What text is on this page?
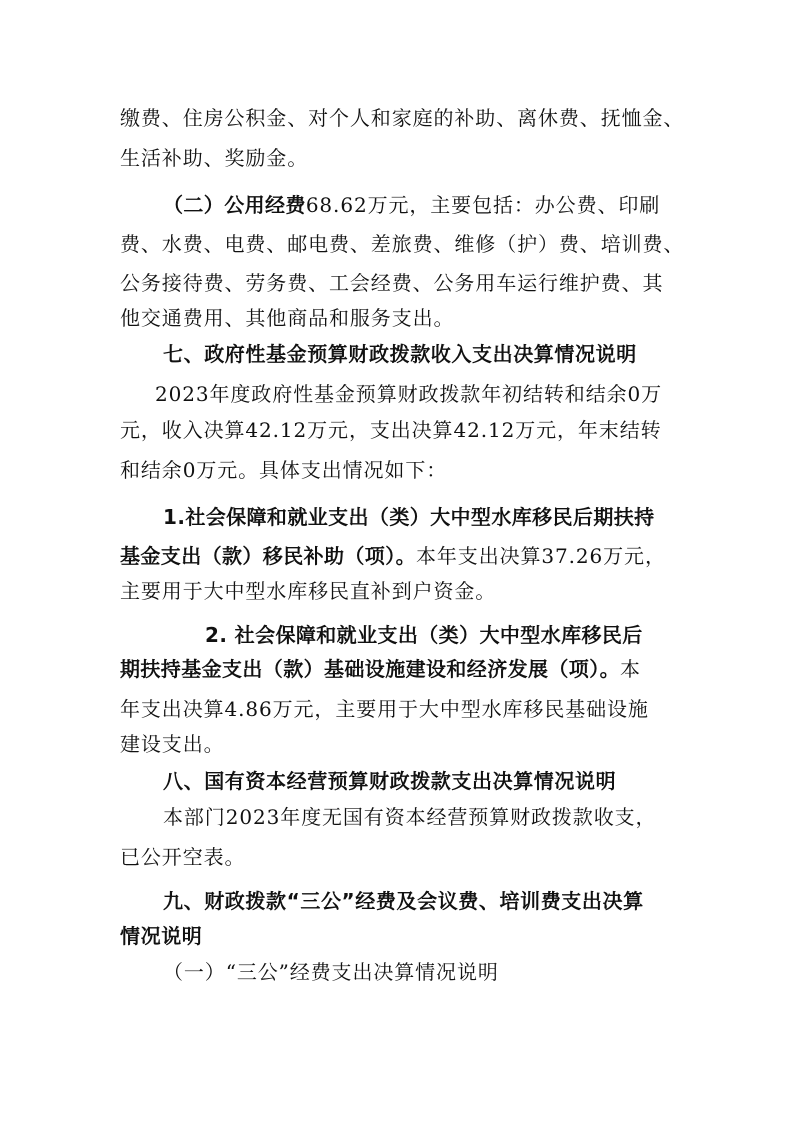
缴费、住房公积金、对个人和家庭的补助、离休费、抚恤金、
生活补助、奖励金。
（二）公用经费68.62万元，主要包括：办公费、印刷
费、水费、电费、邮电费、差旅费、维修（护）费、培训费、
公务接待费、劳务费、工会经费、公务用车运行维护费、其
他交通费用、其他商品和服务支出。
七、政府性基金预算财政拨款收入支出决算情况说明
2023年度政府性基金预算财政拨款年初结转和结余0万
元，收入决算42.12万元，支出决算42.12万元，年末结转
和结余0万元。具体支出情况如下：
1.社会保障和就业支出（类）大中型水库移民后期扶持
基金支出（款）移民补助（项）。本年支出决算37.26万元，
主要用于大中型水库移民直补到户资金。
2. 社会保障和就业支出（类）大中型水库移民后
期扶持基金支出（款）基础设施建设和经济发展（项）。本
年支出决算4.86万元，主要用于大中型水库移民基础设施
建设支出。
八、国有资本经营预算财政拨款支出决算情况说明
本部门2023年度无国有资本经营预算财政拨款收支，
已公开空表。
九、财政拨款“三公”经费及会议费、培训费支出决算
情况说明
（一）“三公”经费支出决算情况说明
